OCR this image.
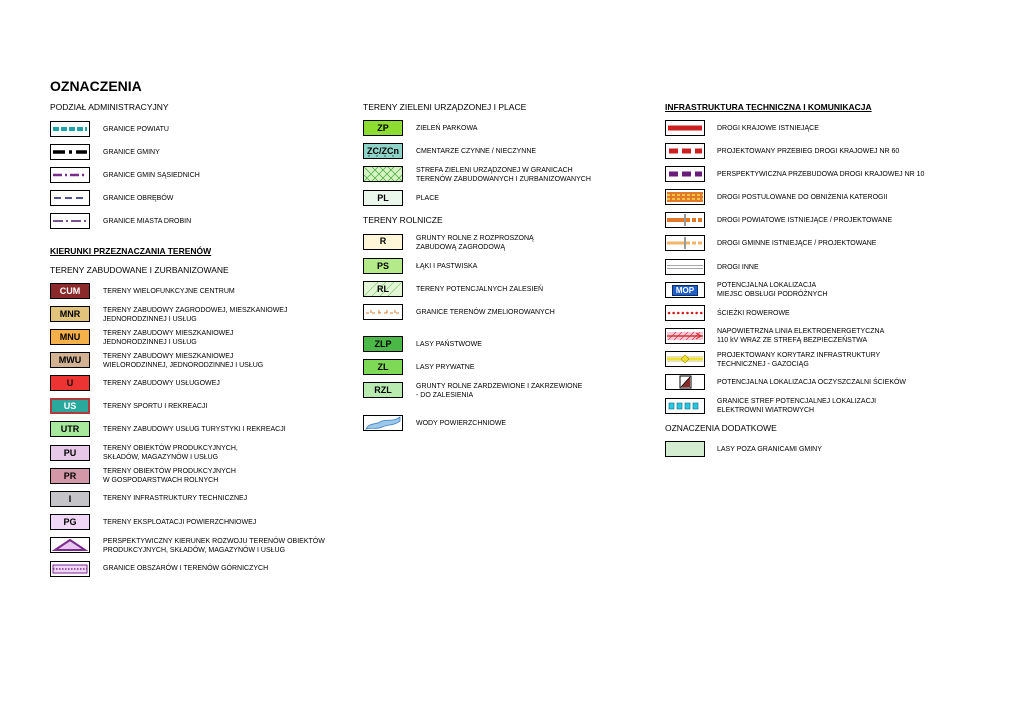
OZNACZENIA
PODZIAŁ ADMINISTRACYJNY
GRANICE POWIATU
GRANICE GMINY
GRANICE GMIN SĄSIEDNICH
GRANICE OBRĘBÓW
GRANICE MIASTA DROBIN
KIERUNKI PRZEZNACZANIA TERENÓW
TERENY ZABUDOWANE I ZURBANIZOWANE
CUM	TERENY WIELOFUNKCYJNE CENTRUM
MNR	TERENY ZABUDOWY ZAGRODOWEJ, MIESZKANIOWEJ
JEDNORODZINNEJ I USŁUG
MNU	TERENY ZABUDOWY MIESZKANIOWEJ
JEDNORODZINNEJ I USŁUG
MWU	TERENY ZABUDOWY MIESZKANIOWEJ
WIELORODZINNEJ, JEDNORODZINNEJ I USŁUG
U	TERENY ZABUDOWY USŁUGOWEJ
US	TERENY SPORTU I REKREACJI
UTR	TERENY ZABUDOWY USŁUG TURYSTYKI I REKREACJI
PU	TERENY OBIEKTÓW PRODUKCYJNYCH,
SKŁADÓW, MAGAZYNÓW I USŁUG
PR	TERENY OBIEKTÓW PRODUKCYJNYCH
W GOSPODARSTWACH ROLNYCH
I	TERENY INFRASTRUKTURY TECHNICZNEJ
PG	TERENY EKSPLOATACJI POWIERZCHNIOWEJ
PERSPEKTYWICZNY KIERUNEK ROZWOJU TERENÓW OBIEKTÓW
PRODUKCYJNYCH, SKŁADÓW, MAGAZYNÓW I USŁUG
GRANICE OBSZARÓW I TERENÓW GÓRNICZYCH
TERENY ZIELENI URZĄDZONEJ I PLACE
ZP	ZIELEŃ PARKOWA
ZC/ZCn CMENTARZE CZYNNE / NIECZYNNE
STREFA ZIELENI URZĄDZONEJ W GRANICACH
TERENÓW ZABUDOWANYCH I ZURBANIZOWANYCH
PL	PLACE
TERENY ROLNICZE
R	GRUNTY ROLNE Z ROZPROSZONĄ
ZABUDOWĄ ZAGRODOWĄ
PS	ŁĄKI I PASTWISKA
RL	TERENY POTENCJALNYCH ZALESIEŃ
GRANICE TERENÓW ZMELIOROWANYCH
ZLP	LASY PAŃSTWOWE
ZL	LASY PRYWATNE
RZL	GRUNTY ROLNE ZARDZEWIONE I ZAKRZEWIONE
- DO ZALESIENIA
WODY POWIERZCHNIOWE
INFRASTRUKTURA TECHNICZNA I KOMUNIKACJA
DROGI KRAJOWE ISTNIEJĄCE
PROJEKTOWANY PRZEBIEG DROGI KRAJOWEJ NR 60
PERSPEKTYWICZNA PRZEBUDOWA DROGI KRAJOWEJ NR 10
DROGI POSTULOWANE DO OBNIŻENIA KATEROGII
DROGI POWIATOWE ISTNIEJĄCE / PROJEKTOWANE
DROGI GMINNE ISTNIEJĄCE / PROJEKTOWANE
DROGI INNE
MOP	POTENCJALNA LOKALIZACJA
MIEJSC OBSŁUGI PODRÓŻNYCH
ŚCIEŻKI ROWEROWE
NAPOWIETRZNA LINIA ELEKTROENERGETYCZNA
110 kV WRAZ ZE STREFĄ BEZPIECZEŃSTWA
PROJEKTOWANY KORYTARZ INFRASTRUKTURY
TECHNICZNEJ - GAZOCIĄG
POTENCJALNA LOKALIZACJA OCZYSZCZALNI ŚCIEKÓW
GRANICE STREF POTENCJALNEJ LOKALIZACJI
ELEKTROWNI WIATROWYCH
OZNACZENIA DODATKOWE
LASY POZA GRANICAMI GMINY
